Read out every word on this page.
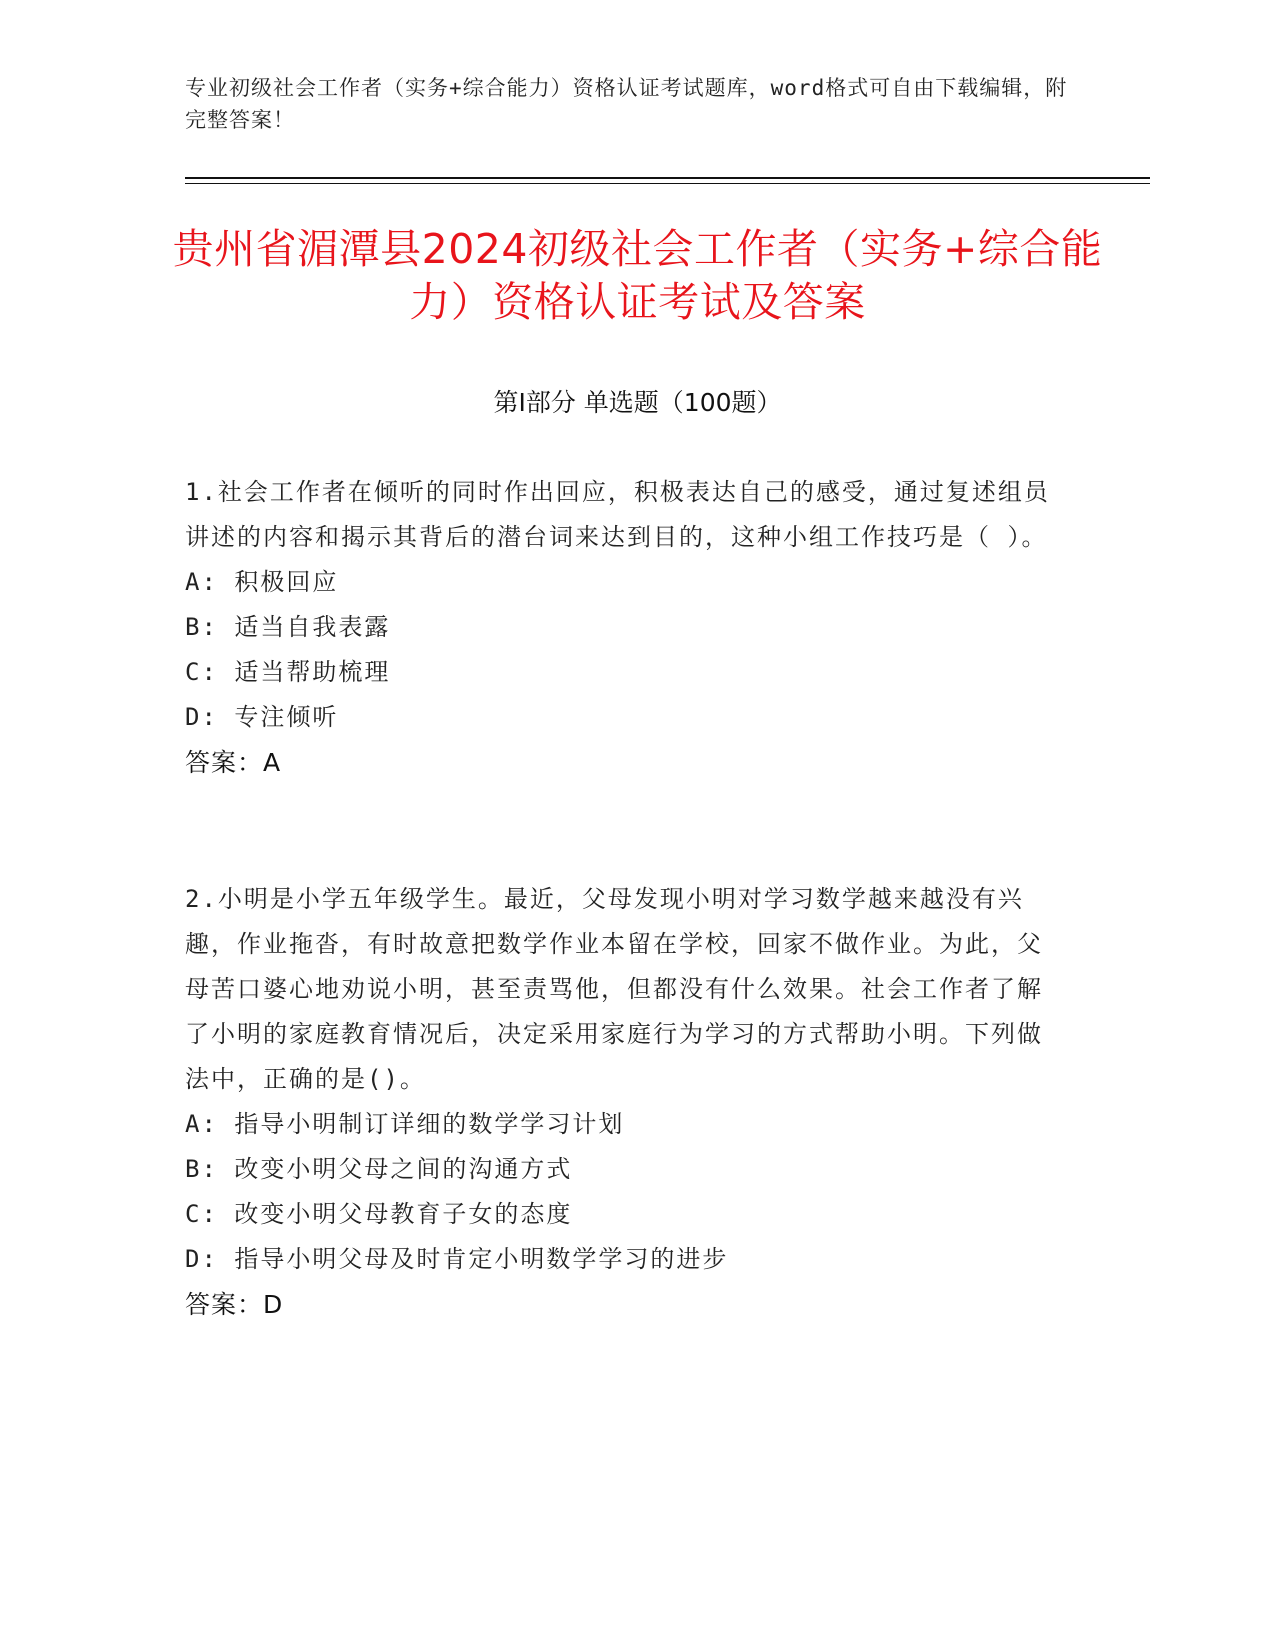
专业初级社会工作者（实务+综合能力）资格认证考试题库，word格式可自由下载编辑，附完整答案！
贵州省湄潭县2024初级社会工作者（实务+综合能力）资格认证考试及答案
第Ⅰ部分 单选题（100题）

1.社会工作者在倾听的同时作出回应，积极表达自己的感受，通过复述组员讲述的内容和揭示其背后的潜台词来达到目的，这种小组工作技巧是（ ）。

A: 积极回应
B: 适当自我表露
C: 适当帮助梳理
D: 专注倾听
答案：A

2.小明是小学五年级学生。最近，父母发现小明对学习数学越来越没有兴趣，作业拖沓，有时故意把数学作业本留在学校，回家不做作业。为此，父母苦口婆心地劝说小明，甚至责骂他，但都没有什么效果。社会工作者了解了小明的家庭教育情况后，决定采用家庭行为学习的方式帮助小明。下列做法中，正确的是()。

A: 指导小明制订详细的数学学习计划
B: 改变小明父母之间的沟通方式
C: 改变小明父母教育子女的态度
D: 指导小明父母及时肯定小明数学学习的进步
答案：D
